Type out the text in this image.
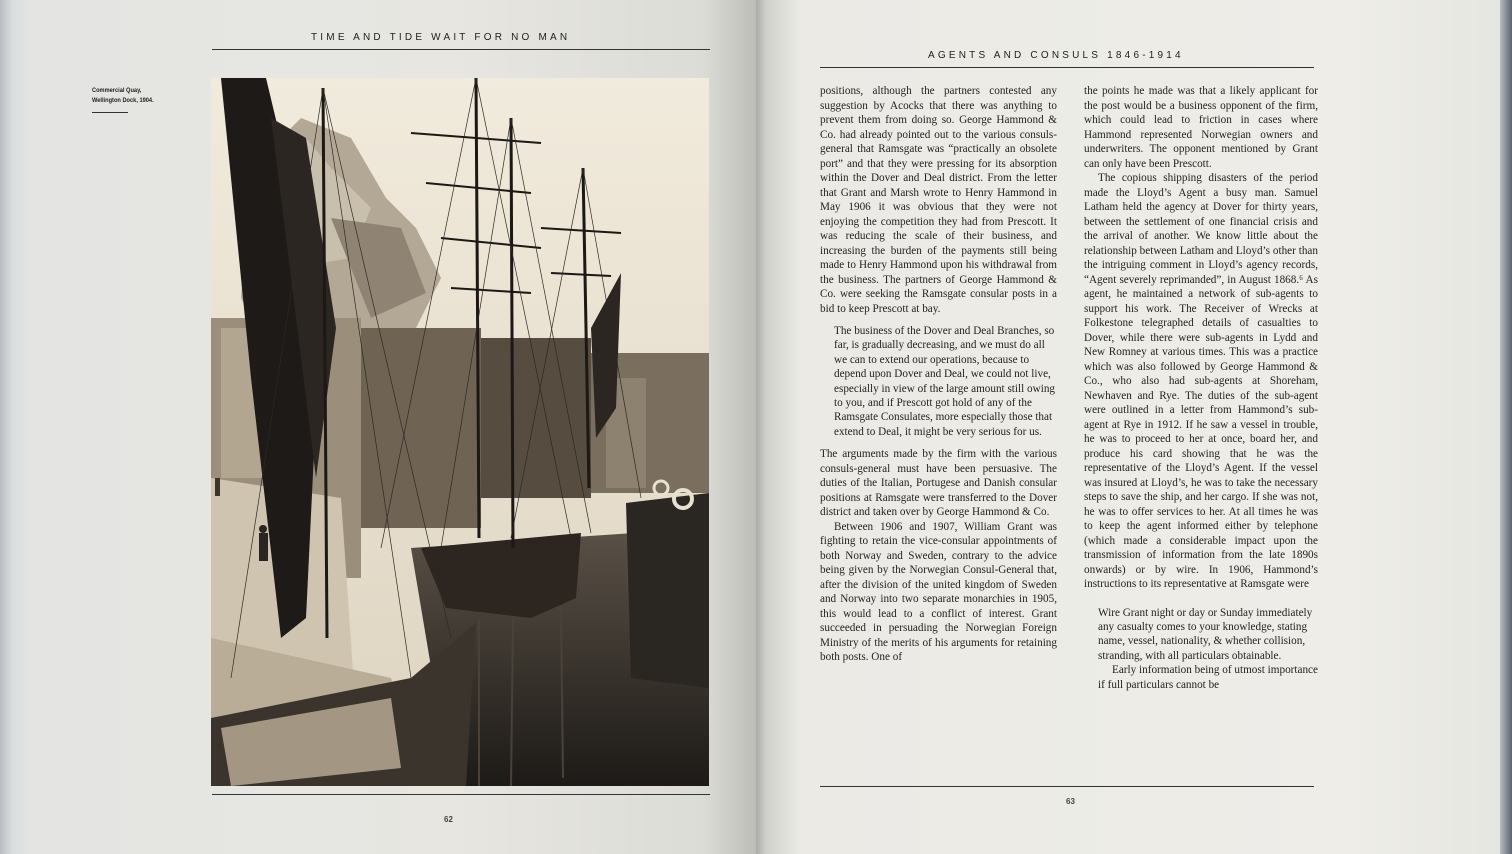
TIME AND TIDE WAIT FOR NO MAN

Commercial Quay, Wellington Dock, 1904.

62

AGENTS AND CONSULS 1846-1914

positions, although the partners contested any suggestion by Acocks that there was anything to prevent them from doing so. George Hammond & Co. had already pointed out to the various consuls-general that Ramsgate was “practically an obsolete port” and that they were pressing for its absorption within the Dover and Deal district. From the letter that Grant and Marsh wrote to Henry Hammond in May 1906 it was obvious that they were not enjoying the competition they had from Prescott. It was reducing the scale of their business, and increasing the burden of the payments still being made to Henry Hammond upon his withdrawal from the business. The partners of George Hammond & Co. were seeking the Ramsgate consular posts in a bid to keep Prescott at bay.

The business of the Dover and Deal Branches, so far, is gradually decreasing, and we must do all we can to extend our operations, because to depend upon Dover and Deal, we could not live, especially in view of the large amount still owing to you, and if Prescott got hold of any of the Ramsgate Consulates, more especially those that extend to Deal, it might be very serious for us.

The arguments made by the firm with the various consuls-general must have been persuasive. The duties of the Italian, Portugese and Danish consular positions at Ramsgate were transferred to the Dover district and taken over by George Hammond & Co.

Between 1906 and 1907, William Grant was fighting to retain the vice-consular appointments of both Norway and Sweden, contrary to the advice being given by the Norwegian Consul-General that, after the division of the united kingdom of Sweden and Norway into two separate monarchies in 1905, this would lead to a conflict of interest. Grant succeeded in persuading the Norwegian Foreign Ministry of the merits of his arguments for retaining both posts. One of

the points he made was that a likely applicant for the post would be a business opponent of the firm, which could lead to friction in cases where Hammond represented Norwegian owners and underwriters. The opponent mentioned by Grant can only have been Prescott.

The copious shipping disasters of the period made the Lloyd’s Agent a busy man. Samuel Latham held the agency at Dover for thirty years, between the settlement of one financial crisis and the arrival of another. We know little about the relationship between Latham and Lloyd’s other than the intriguing comment in Lloyd’s agency records, “Agent severely reprimanded”, in August 1868.⁶ As agent, he maintained a network of sub-agents to support his work. The Receiver of Wrecks at Folkestone telegraphed details of casualties to Dover, while there were sub-agents in Lydd and New Romney at various times. This was a practice which was also followed by George Hammond & Co., who also had sub-agents at Shoreham, Newhaven and Rye. The duties of the sub-agent were outlined in a letter from Hammond’s sub-agent at Rye in 1912. If he saw a vessel in trouble, he was to proceed to her at once, board her, and produce his card showing that he was the representative of the Lloyd’s Agent. If the vessel was insured at Lloyd’s, he was to take the necessary steps to save the ship, and her cargo. If she was not, he was to offer services to her. At all times he was to keep the agent informed either by telephone (which made a considerable impact upon the transmission of information from the late 1890s onwards) or by wire. In 1906, Hammond’s instructions to its representative at Ramsgate were

Wire Grant night or day or Sunday immediately any casualty comes to your knowledge, stating name, vessel, nationality, & whether collision, stranding, with all particulars obtainable.

Early information being of utmost importance if full particulars cannot be

63
